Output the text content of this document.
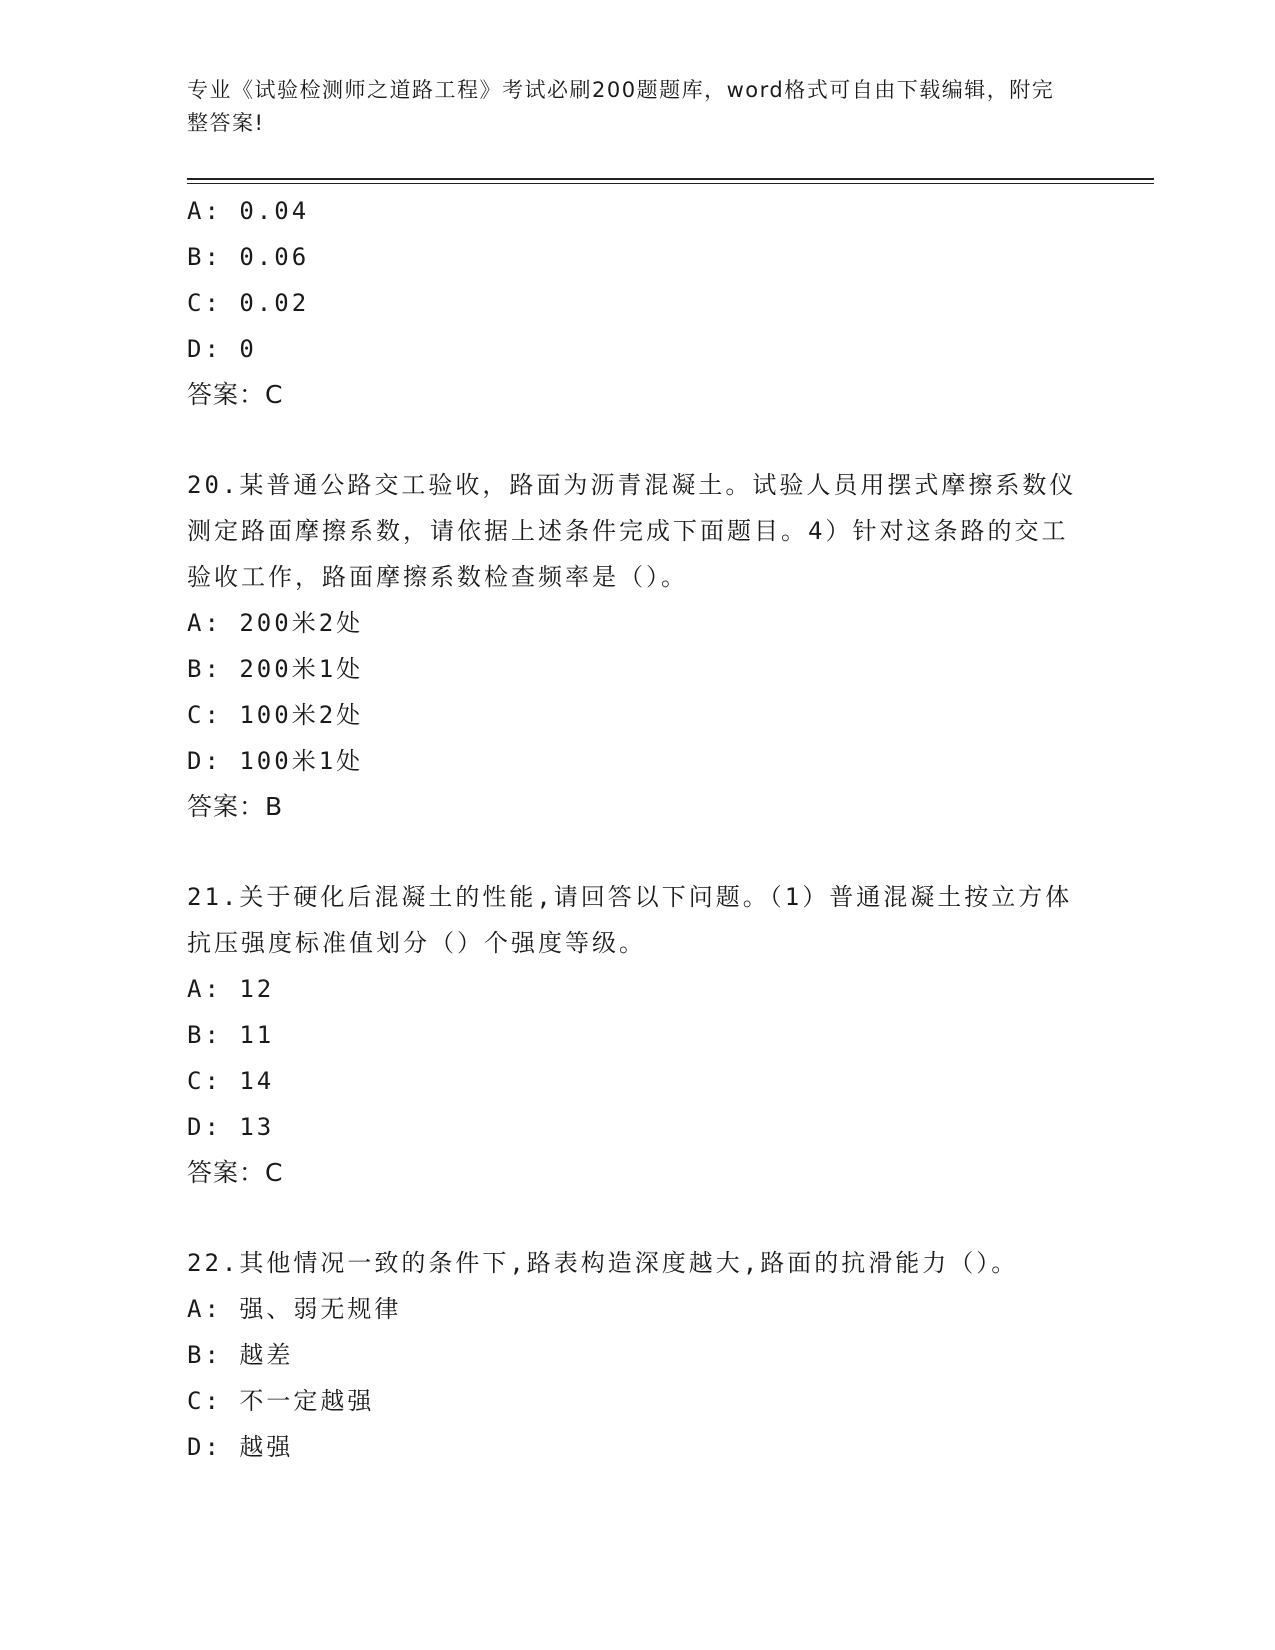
专业《试验检测师之道路工程》考试必刷200题题库，word格式可自由下载编辑，附完整答案!
A: 0.04
B: 0.06
C: 0.02
D: 0
答案：C
20.某普通公路交工验收，路面为沥青混凝土。试验人员用摆式摩擦系数仪测定路面摩擦系数，请依据上述条件完成下面题目。4）针对这条路的交工验收工作，路面摩擦系数检查频率是（）。
A: 200米2处
B: 200米1处
C: 100米2处
D: 100米1处
答案：B
21.关于硬化后混凝土的性能,请回答以下问题。（1）普通混凝土按立方体抗压强度标准值划分（）个强度等级。
A: 12
B: 11
C: 14
D: 13
答案：C
22.其他情况一致的条件下,路表构造深度越大,路面的抗滑能力（）。
A: 强、弱无规律
B: 越差
C: 不一定越强
D: 越强
